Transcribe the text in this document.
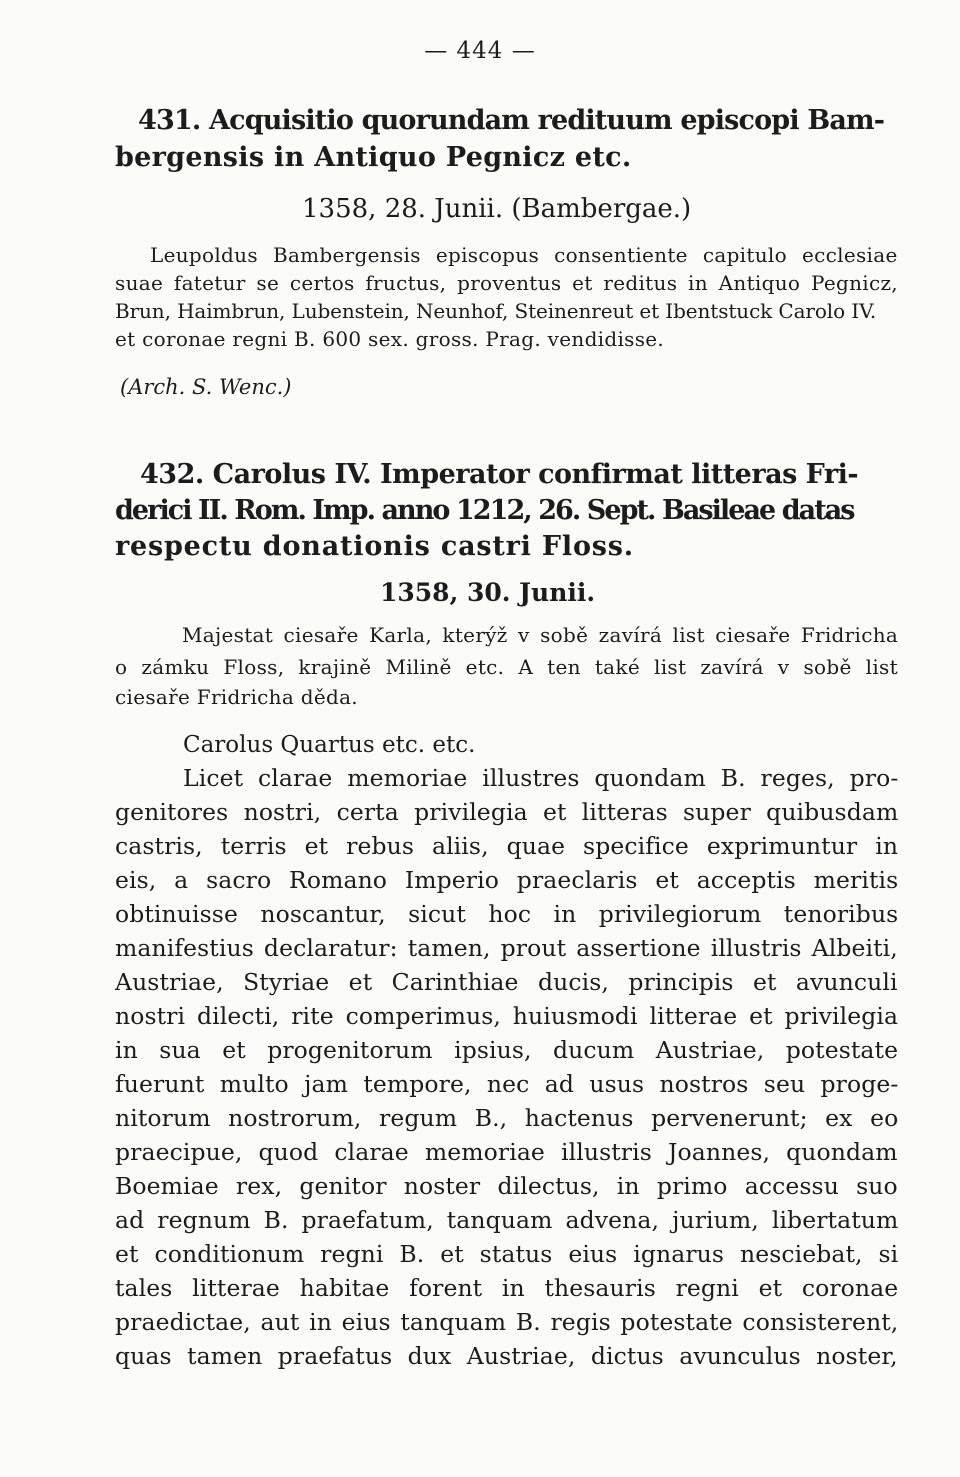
— 444 —
431. Acquisitio quorundam redituum episcopi Bam-
bergensis in Antiquo Pegnicz etc.
1358, 28. Junii. (Bambergae.)
Leupoldus Bambergensis episcopus consentiente capitulo ecclesiae
suae fatetur se certos fructus, proventus et reditus in Antiquo Pegnicz,
Brun, Haimbrun, Lubenstein, Neunhof, Steinenreut et Ibentstuck Carolo IV.
et coronae regni B. 600 sex. gross. Prag. vendidisse.
(Arch. S. Wenc.)
432. Carolus IV. Imperator confirmat litteras Fri-
derici II. Rom. Imp. anno 1212, 26. Sept. Basileae datas
respectu donationis castri Floss.
1358, 30. Junii.
Majestat ciesaře Karla, kterýž v sobě zavírá list ciesaře Fridricha
o zámku Floss, krajině Milině etc. A ten také list zavírá v sobě list
ciesaře Fridricha děda.
Carolus Quartus etc. etc.
Licet clarae memoriae illustres quondam B. reges, pro-
genitores nostri, certa privilegia et litteras super quibusdam
castris, terris et rebus aliis, quae specifice exprimuntur in
eis, a sacro Romano Imperio praeclaris et acceptis meritis
obtinuisse noscantur, sicut hoc in privilegiorum tenoribus
manifestius declaratur: tamen, prout assertione illustris Albeiti,
Austriae, Styriae et Carinthiae ducis, principis et avunculi
nostri dilecti, rite comperimus, huiusmodi litterae et privilegia
in sua et progenitorum ipsius, ducum Austriae, potestate
fuerunt multo jam tempore, nec ad usus nostros seu proge-
nitorum nostrorum, regum B., hactenus pervenerunt; ex eo
praecipue, quod clarae memoriae illustris Joannes, quondam
Boemiae rex, genitor noster dilectus, in primo accessu suo
ad regnum B. praefatum, tanquam advena, jurium, libertatum
et conditionum regni B. et status eius ignarus nesciebat, si
tales litterae habitae forent in thesauris regni et coronae
praedictae, aut in eius tanquam B. regis potestate consisterent,
quas tamen praefatus dux Austriae, dictus avunculus noster,
